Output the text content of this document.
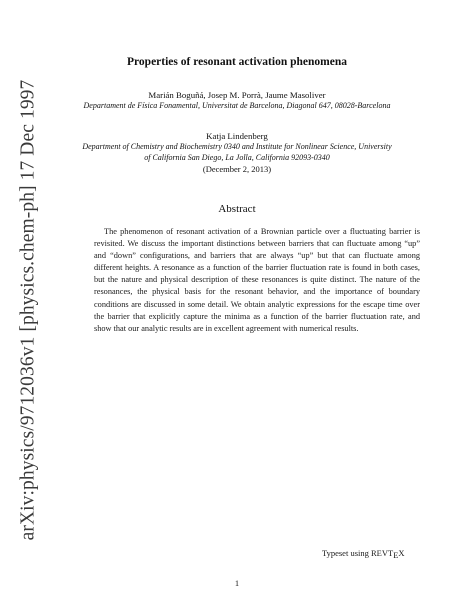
arXiv:physics/9712036v1 [physics.chem-ph] 17 Dec 1997
Properties of resonant activation phenomena
Marián Boguñá, Josep M. Porrà, Jaume Masoliver
Departament de Física Fonamental, Universitat de Barcelona, Diagonal 647, 08028-Barcelona
Katja Lindenberg
Department of Chemistry and Biochemistry 0340 and Institute for Nonlinear Science, University
of California San Diego, La Jolla, California 92093-0340
(December 2, 2013)
Abstract
The phenomenon of resonant activation of a Brownian particle over a fluctuating barrier is revisited. We discuss the important distinctions between barriers that can fluctuate among “up” and “down” configurations, and barriers that are always “up” but that can fluctuate among different heights. A resonance as a function of the barrier fluctuation rate is found in both cases, but the nature and physical description of these resonances is quite distinct. The nature of the resonances, the physical basis for the resonant behavior, and the importance of boundary conditions are discussed in some detail. We obtain analytic expressions for the escape time over the barrier that explicitly capture the minima as a function of the barrier fluctuation rate, and show that our analytic results are in excellent agreement with numerical results.
Typeset using REVTEX
1
